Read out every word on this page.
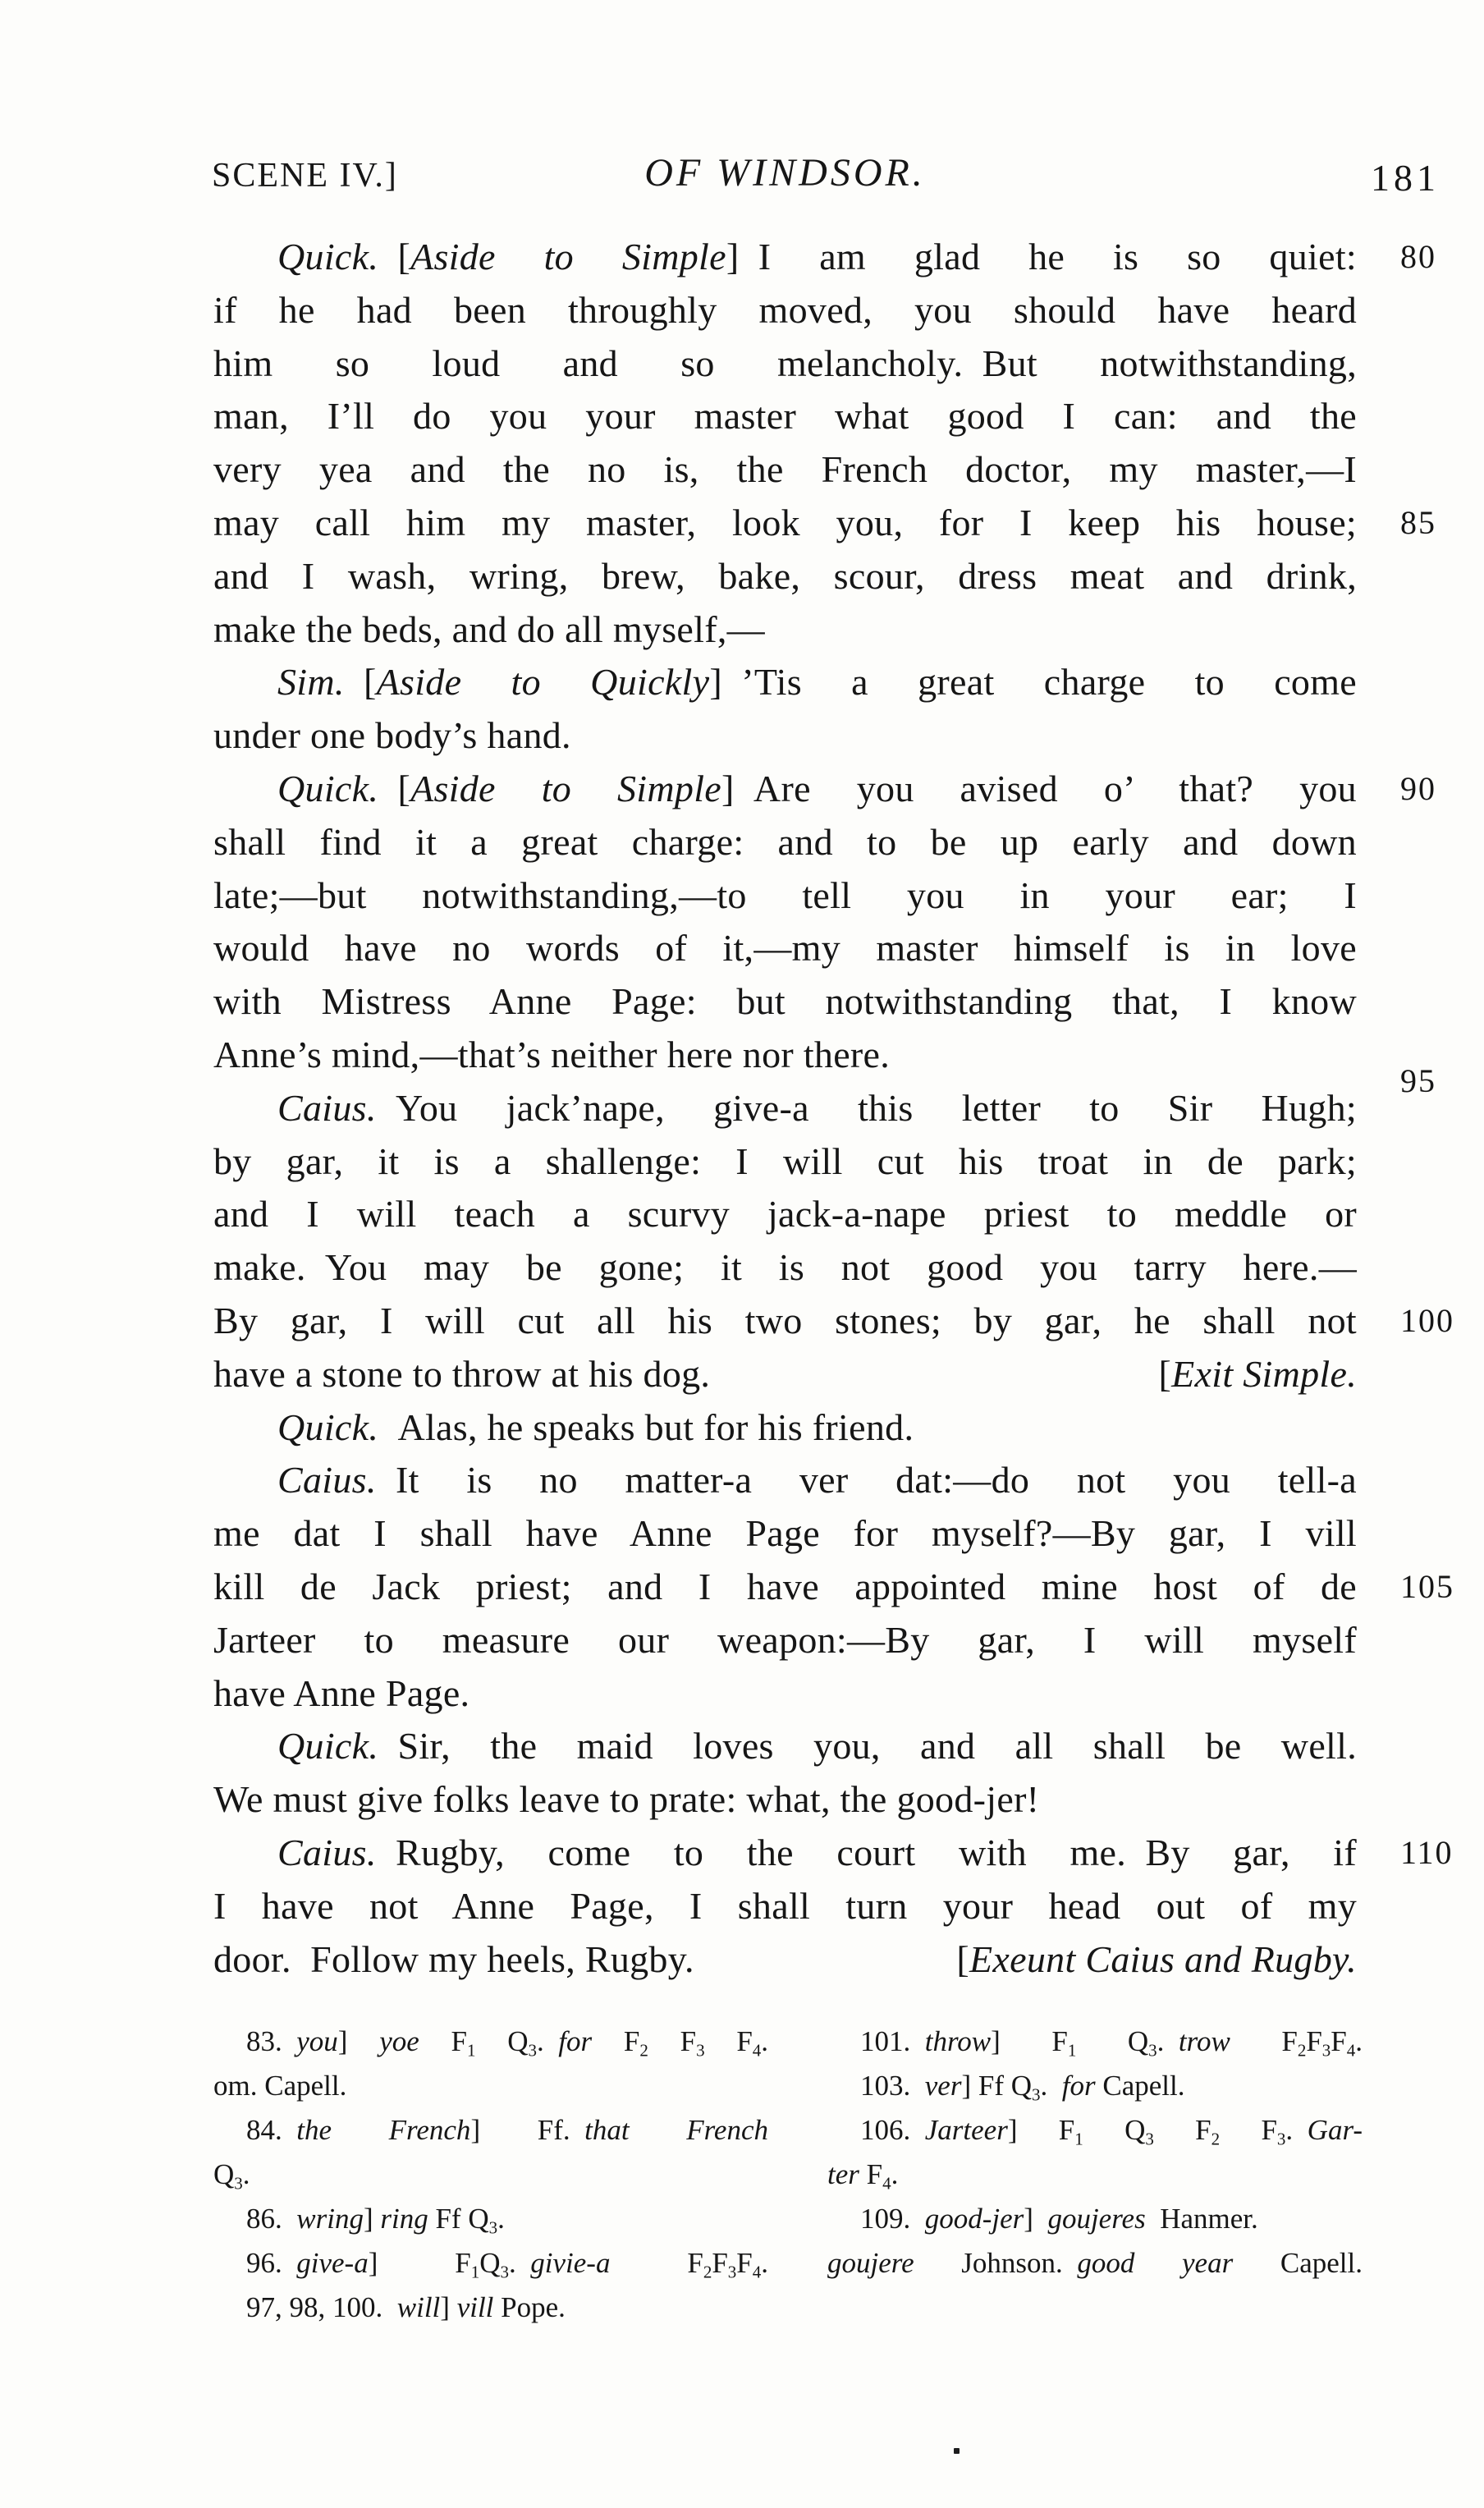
SCENE IV.]	OF WINDSOR.	181
Quick. [Aside to Simple] I am glad he is so quiet: 80
if he had been throughly moved, you should have heard
him so loud and so melancholy. But notwithstanding,
man, I’ll do you your master what good I can: and the
very yea and the no is, the French doctor, my master,—I
may call him my master, look you, for I keep his house; 85
and I wash, wring, brew, bake, scour, dress meat and drink,
make the beds, and do all myself,—
Sim. [Aside to Quickly] ’Tis a great charge to come
under one body’s hand.
Quick. [Aside to Simple] Are you avised o’ that? you 90
shall find it a great charge: and to be up early and down
late;—but notwithstanding,—to tell you in your ear; I
would have no words of it,—my master himself is in love
with Mistress Anne Page: but notwithstanding that, I know
Anne’s mind,—that’s neither here nor there.
95
Caius. You jack’nape, give-a this letter to Sir Hugh;
by gar, it is a shallenge: I will cut his troat in de park;
and I will teach a scurvy jack-a-nape priest to meddle or
make. You may be gone; it is not good you tarry here.—
By gar, I will cut all his two stones; by gar, he shall not 100
have a stone to throw at his dog.	[Exit Simple.
Quick. Alas, he speaks but for his friend.
Caius. It is no matter-a ver dat:—do not you tell-a
me dat I shall have Anne Page for myself?—By gar, I vill
kill de Jack priest; and I have appointed mine host of de 105
Jarteer to measure our weapon:—By gar, I will myself
have Anne Page.
Quick. Sir, the maid loves you, and all shall be well.
We must give folks leave to prate: what, the good-jer!
Caius. Rugby, come to the court with me. By gar, if 110
I have not Anne Page, I shall turn your head out of my
door. Follow my heels, Rugby.	[Exeunt Caius and Rugby.
83. you] yoe $F_1$ $Q_3$. for $F_2$ $F_3$ $F_4$.
om. Capell.
84. the French] Ff. that French
$Q_3$.
86. wring] ring Ff $Q_3$.
96. give-a] $F_1Q_3$. givie-a $F_2F_3F_4$.
97, 98, 100. will] vill Pope.
101. throw] $F_1$ $Q_3$. trow $F_2F_3F_4$.
103. ver] Ff $Q_3$. for Capell.
106. Jarteer] $F_1$ $Q_3$ $F_2$ $F_3$. Gar-
ter $F_4$.
109. good-jer] goujeres Hanmer.
goujere Johnson. good year Capell.
